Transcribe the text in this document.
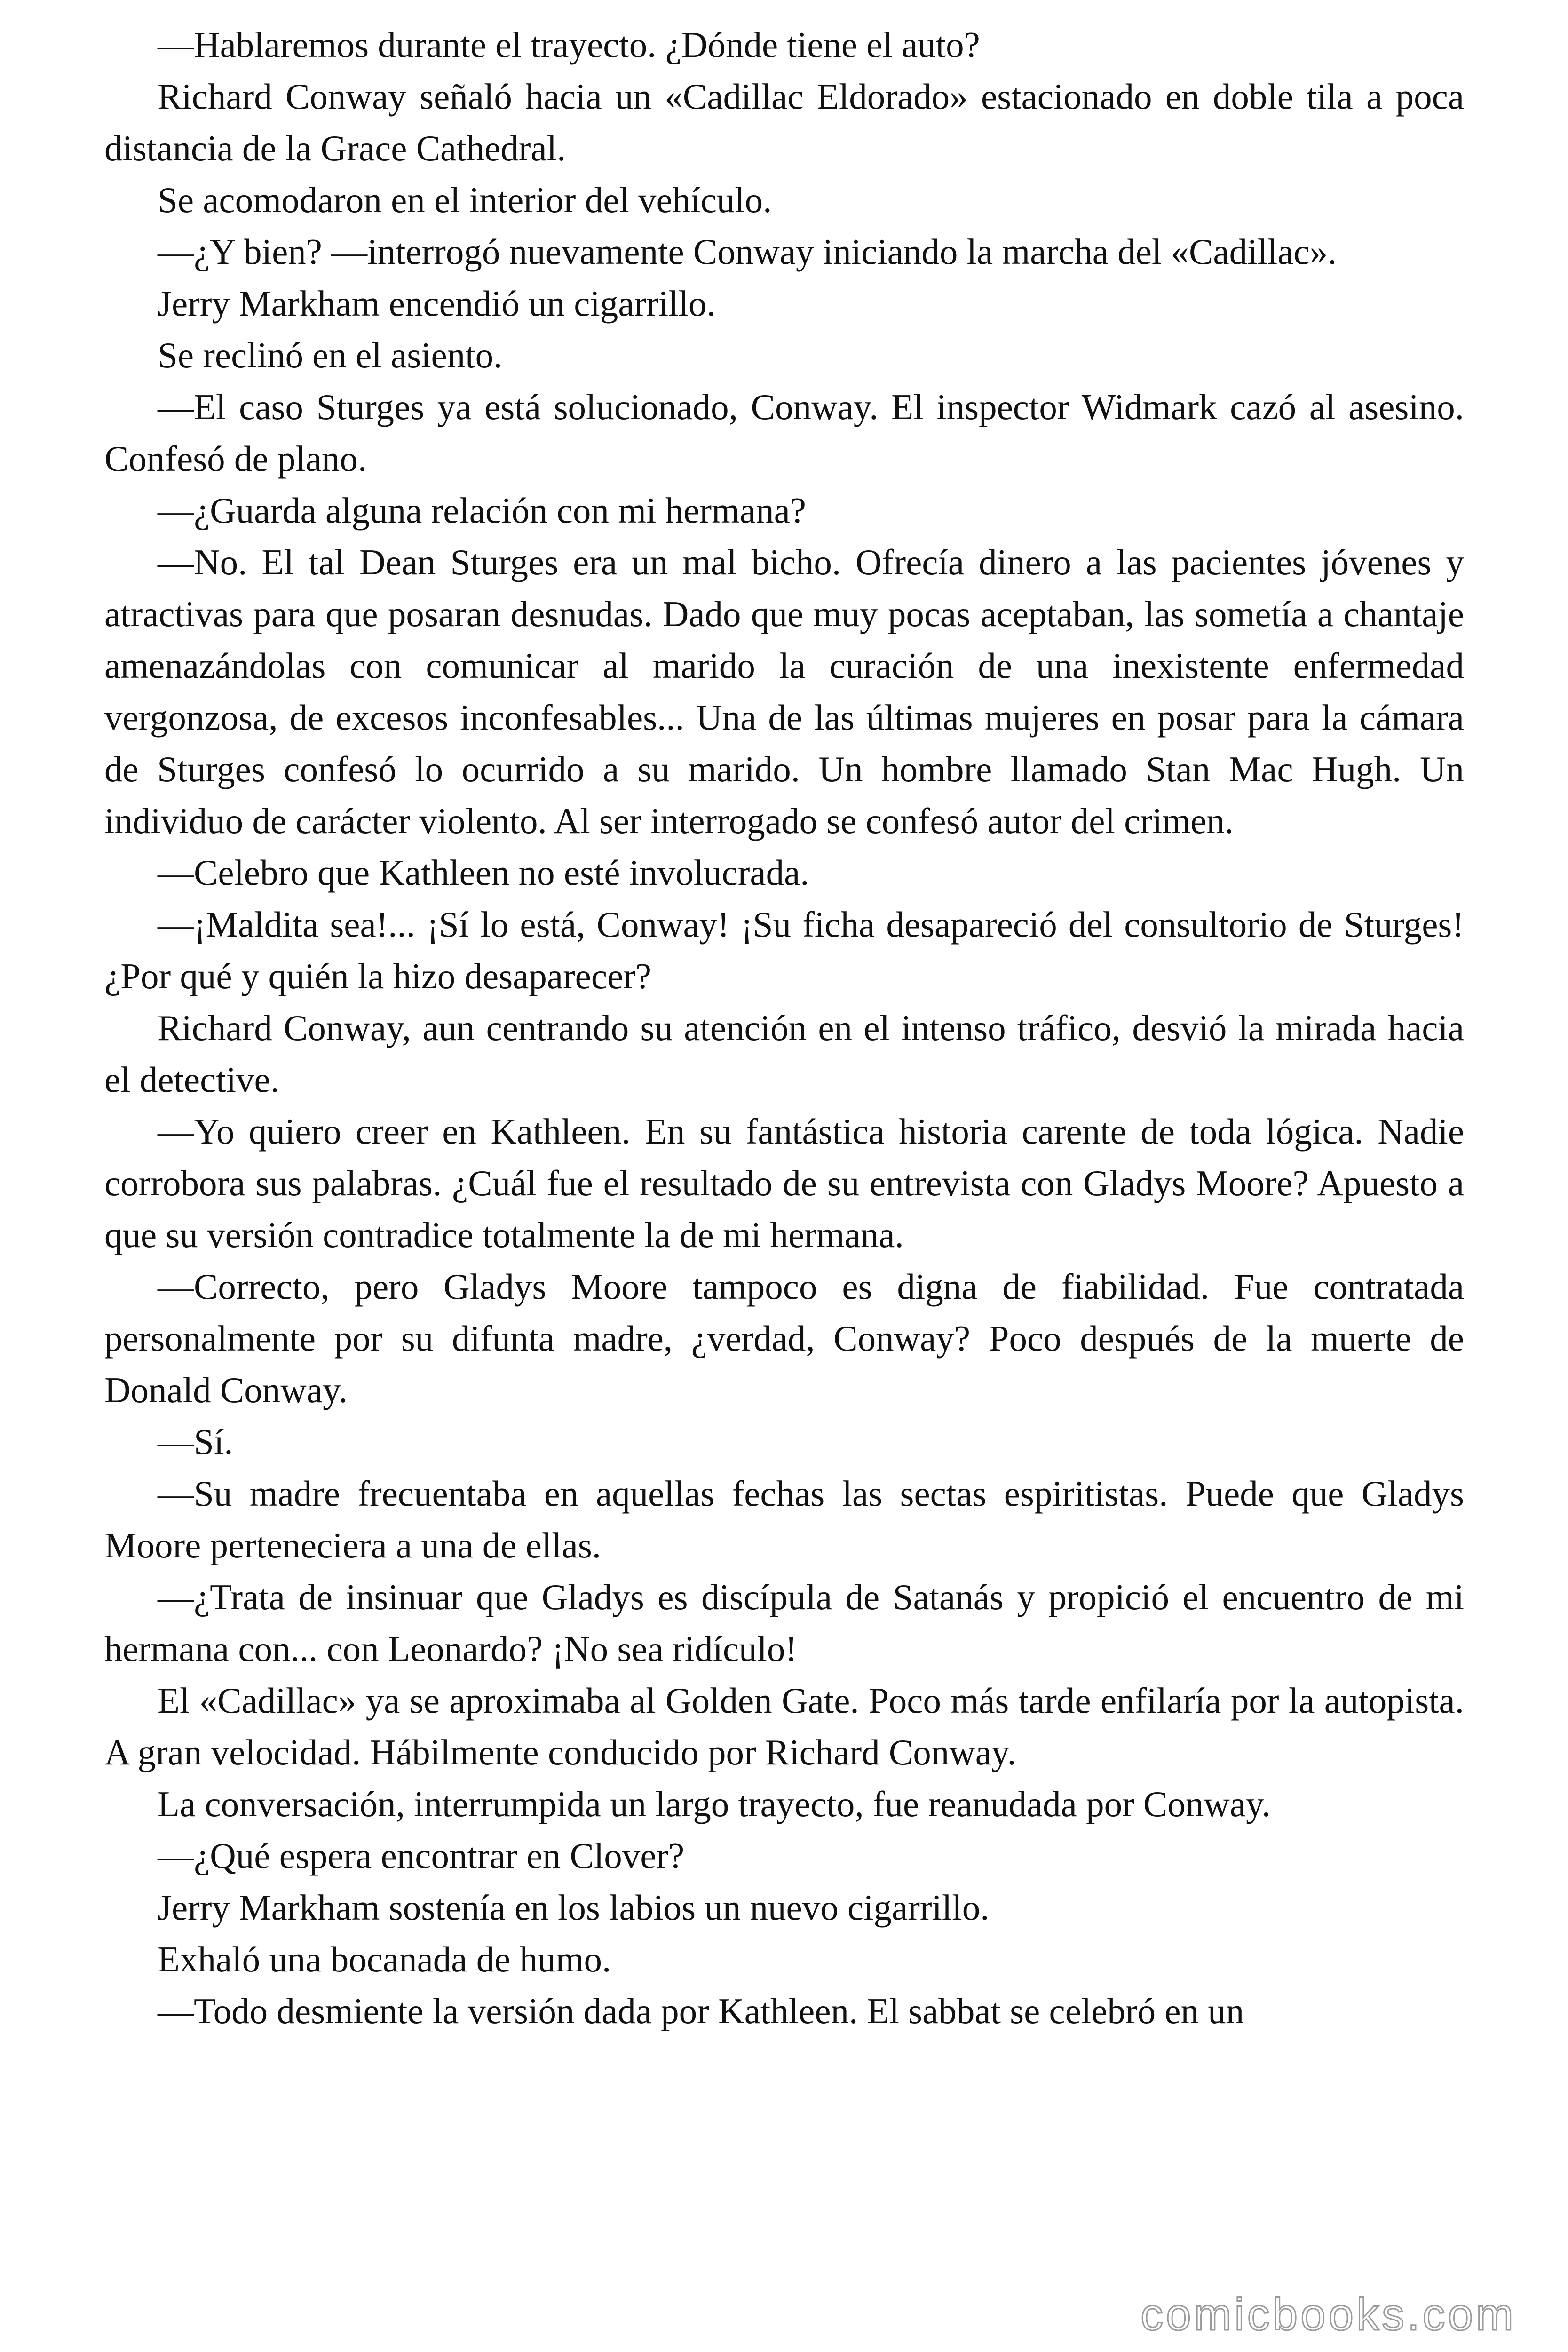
—Hablaremos durante el trayecto. ¿Dónde tiene el auto?

Richard Conway señaló hacia un «Cadillac Eldorado» estacionado en doble tila a poca distancia de la Grace Cathedral.

Se acomodaron en el interior del vehículo.

—¿Y bien? —interrogó nuevamente Conway iniciando la marcha del «Cadillac».

Jerry Markham encendió un cigarrillo.

Se reclinó en el asiento.

—El caso Sturges ya está solucionado, Conway. El inspector Widmark cazó al asesino. Confesó de plano.

—¿Guarda alguna relación con mi hermana?

—No. El tal Dean Sturges era un mal bicho. Ofrecía dinero a las pacientes jóvenes y atractivas para que posaran desnudas. Dado que muy pocas aceptaban, las sometía a chantaje amenazándolas con comunicar al marido la curación de una inexistente enfermedad vergonzosa, de excesos inconfesables... Una de las últimas mujeres en posar para la cámara de Sturges confesó lo ocurrido a su marido. Un hombre llamado Stan Mac Hugh. Un individuo de carácter violento. Al ser interrogado se confesó autor del crimen.

—Celebro que Kathleen no esté involucrada.

—¡Maldita sea!... ¡Sí lo está, Conway! ¡Su ficha desapareció del consultorio de Sturges! ¿Por qué y quién la hizo desaparecer?

Richard Conway, aun centrando su atención en el intenso tráfico, desvió la mirada hacia el detective.

—Yo quiero creer en Kathleen. En su fantástica historia carente de toda lógica. Nadie corrobora sus palabras. ¿Cuál fue el resultado de su entrevista con Gladys Moore? Apuesto a que su versión contradice totalmente la de mi hermana.

—Correcto, pero Gladys Moore tampoco es digna de fiabilidad. Fue contratada personalmente por su difunta madre, ¿verdad, Conway? Poco después de la muerte de Donald Conway.

—Sí.

—Su madre frecuentaba en aquellas fechas las sectas espiritistas. Puede que Gladys Moore perteneciera a una de ellas.

—¿Trata de insinuar que Gladys es discípula de Satanás y propició el encuentro de mi hermana con... con Leonardo? ¡No sea ridículo!

El «Cadillac» ya se aproximaba al Golden Gate. Poco más tarde enfilaría por la autopista. A gran velocidad. Hábilmente conducido por Richard Conway.

La conversación, interrumpida un largo trayecto, fue reanudada por Conway.

—¿Qué espera encontrar en Clover?

Jerry Markham sostenía en los labios un nuevo cigarrillo.

Exhaló una bocanada de humo.

—Todo desmiente la versión dada por Kathleen. El sabbat se celebró en un

comicbooks.com
